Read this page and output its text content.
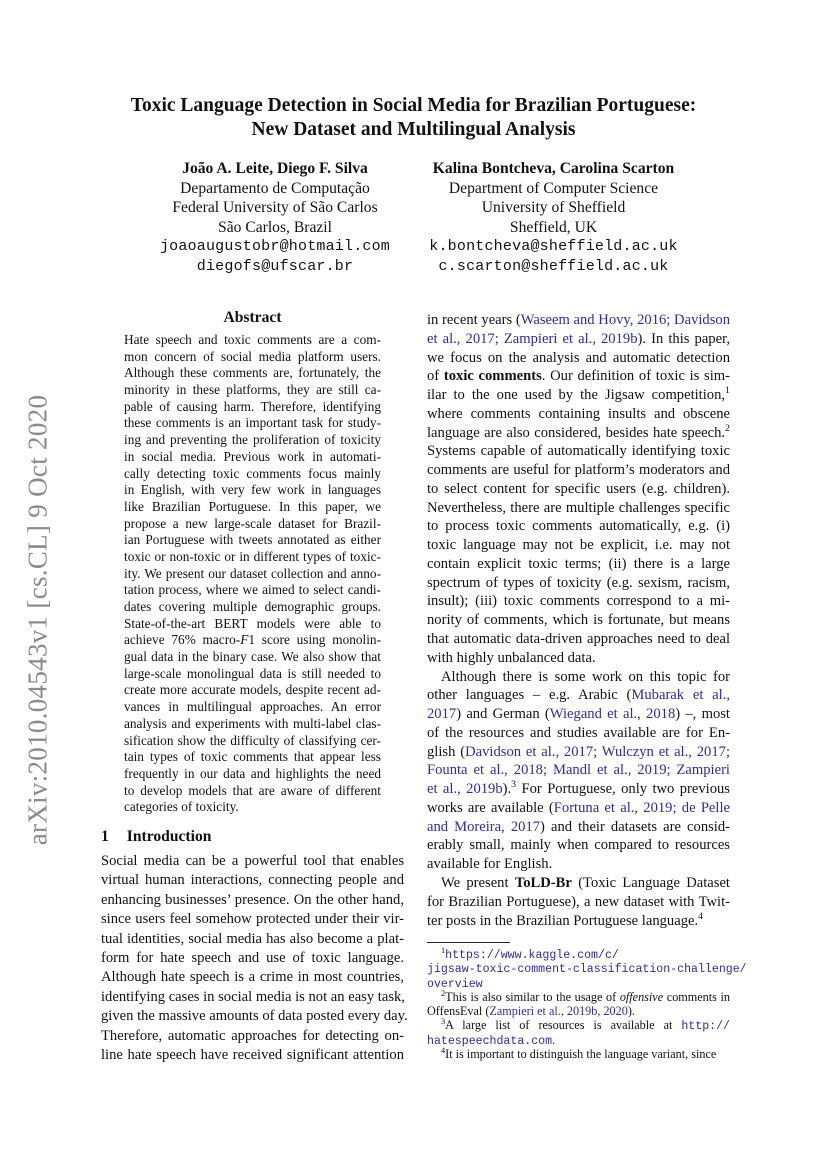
arXiv:2010.04543v1 [cs.CL] 9 Oct 2020
Toxic Language Detection in Social Media for Brazilian Portuguese:
New Dataset and Multilingual Analysis
João A. Leite, Diego F. Silva
Departamento de Computação
Federal University of São Carlos
São Carlos, Brazil
joaoaugustobr@hotmail.com
diegofs@ufscar.br
Kalina Bontcheva, Carolina Scarton
Department of Computer Science
University of Sheffield
Sheffield, UK
k.bontcheva@sheffield.ac.uk
c.scarton@sheffield.ac.uk
Abstract
Hate speech and toxic comments are a com-
mon concern of social media platform users.
Although these comments are, fortunately, the
minority in these platforms, they are still ca-
pable of causing harm. Therefore, identifying
these comments is an important task for study-
ing and preventing the proliferation of toxicity
in social media. Previous work in automati-
cally detecting toxic comments focus mainly
in English, with very few work in languages
like Brazilian Portuguese. In this paper, we
propose a new large-scale dataset for Brazil-
ian Portuguese with tweets annotated as either
toxic or non-toxic or in different types of toxic-
ity. We present our dataset collection and anno-
tation process, where we aimed to select candi-
dates covering multiple demographic groups.
State-of-the-art BERT models were able to
achieve 76% macro-F1 score using monolin-
gual data in the binary case. We also show that
large-scale monolingual data is still needed to
create more accurate models, despite recent ad-
vances in multilingual approaches. An error
analysis and experiments with multi-label clas-
sification show the difficulty of classifying cer-
tain types of toxic comments that appear less
frequently in our data and highlights the need
to develop models that are aware of different
categories of toxicity.
1 Introduction
Social media can be a powerful tool that enables
virtual human interactions, connecting people and
enhancing businesses’ presence. On the other hand,
since users feel somehow protected under their vir-
tual identities, social media has also become a plat-
form for hate speech and use of toxic language.
Although hate speech is a crime in most countries,
identifying cases in social media is not an easy task,
given the massive amounts of data posted every day.
Therefore, automatic approaches for detecting on-
line hate speech have received significant attention
in recent years (Waseem and Hovy, 2016; Davidson
et al., 2017; Zampieri et al., 2019b). In this paper,
we focus on the analysis and automatic detection
of toxic comments. Our definition of toxic is sim-
ilar to the one used by the Jigsaw competition,$^1$
where comments containing insults and obscene
language are also considered, besides hate speech.$^2$
Systems capable of automatically identifying toxic
comments are useful for platform’s moderators and
to select content for specific users (e.g. children).
Nevertheless, there are multiple challenges specific
to process toxic comments automatically, e.g. (i)
toxic language may not be explicit, i.e. may not
contain explicit toxic terms; (ii) there is a large
spectrum of types of toxicity (e.g. sexism, racism,
insult); (iii) toxic comments correspond to a mi-
nority of comments, which is fortunate, but means
that automatic data-driven approaches need to deal
with highly unbalanced data.
Although there is some work on this topic for
other languages – e.g. Arabic (Mubarak et al.,
2017) and German (Wiegand et al., 2018) –, most
of the resources and studies available are for En-
glish (Davidson et al., 2017; Wulczyn et al., 2017;
Founta et al., 2018; Mandl et al., 2019; Zampieri
et al., 2019b).$^3$ For Portuguese, only two previous
works are available (Fortuna et al., 2019; de Pelle
and Moreira, 2017) and their datasets are consid-
erably small, mainly when compared to resources
available for English.
We present ToLD-Br (Toxic Language Dataset
for Brazilian Portuguese), a new dataset with Twit-
ter posts in the Brazilian Portuguese language.$^4$
$^1$https://www.kaggle.com/c/
jigsaw-toxic-comment-classification-challenge/
overview
$^2$This is also similar to the usage of offensive comments in
OffensEval (Zampieri et al., 2019b, 2020).
$^3$A large list of resources is available at http://
hatespeechdata.com.
$^4$It is important to distinguish the language variant, since
